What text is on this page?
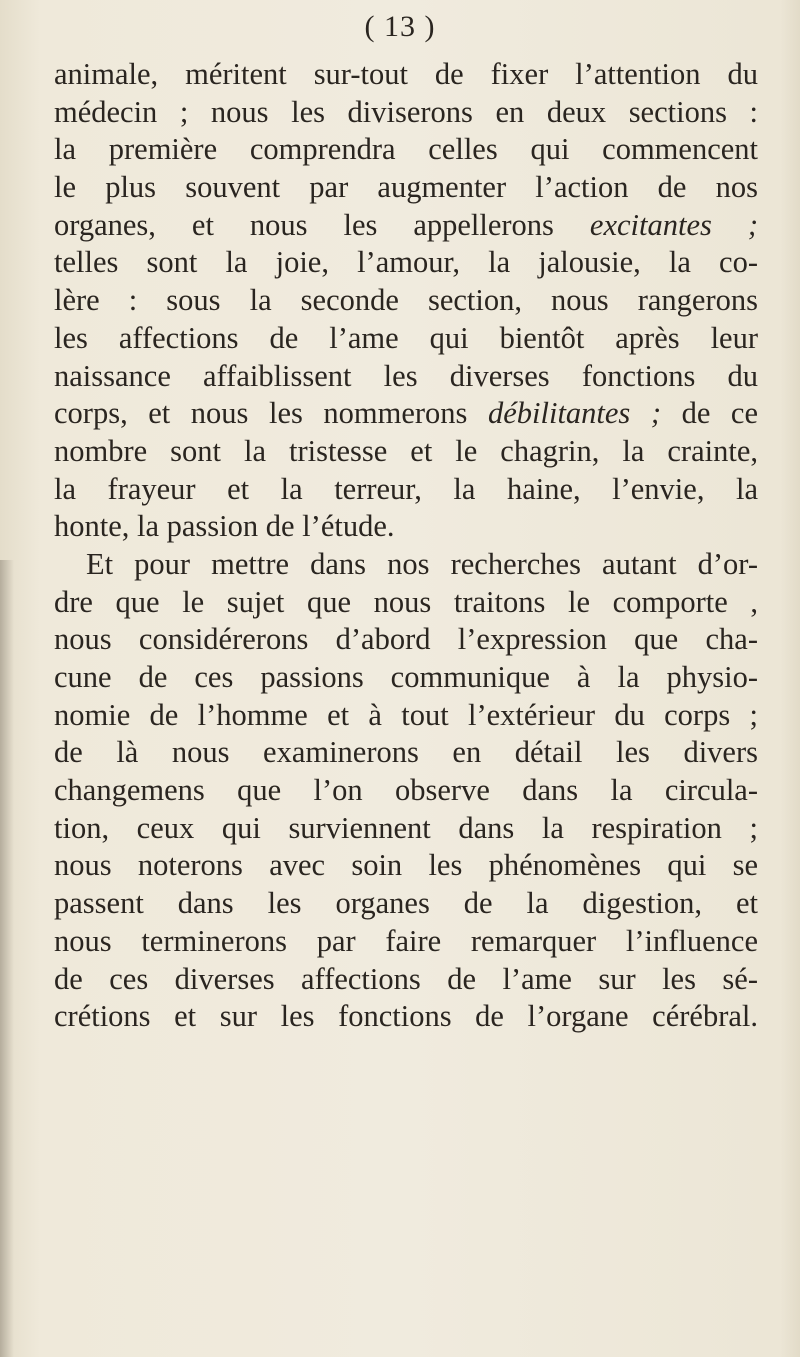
( 13 )
animale, méritent sur-tout de fixer l’attention du
médecin ; nous les diviserons en deux sections :
la première comprendra celles qui commencent
le plus souvent par augmenter l’action de nos
organes, et nous les appellerons excitantes ;
telles sont la joie, l’amour, la jalousie, la co-
lère : sous la seconde section, nous rangerons
les affections de l’ame qui bientôt après leur
naissance affaiblissent les diverses fonctions du
corps, et nous les nommerons débilitantes ; de ce
nombre sont la tristesse et le chagrin, la crainte,
la frayeur et la terreur, la haine, l’envie, la
honte, la passion de l’étude.
Et pour mettre dans nos recherches autant d’or-
dre que le sujet que nous traitons le comporte ,
nous considérerons d’abord l’expression que cha-
cune de ces passions communique à la physio-
nomie de l’homme et à tout l’extérieur du corps ;
de là nous examinerons en détail les divers
changemens que l’on observe dans la circula-
tion, ceux qui surviennent dans la respiration ;
nous noterons avec soin les phénomènes qui se
passent dans les organes de la digestion, et
nous terminerons par faire remarquer l’influence
de ces diverses affections de l’ame sur les sé-
crétions et sur les fonctions de l’organe cérébral.
